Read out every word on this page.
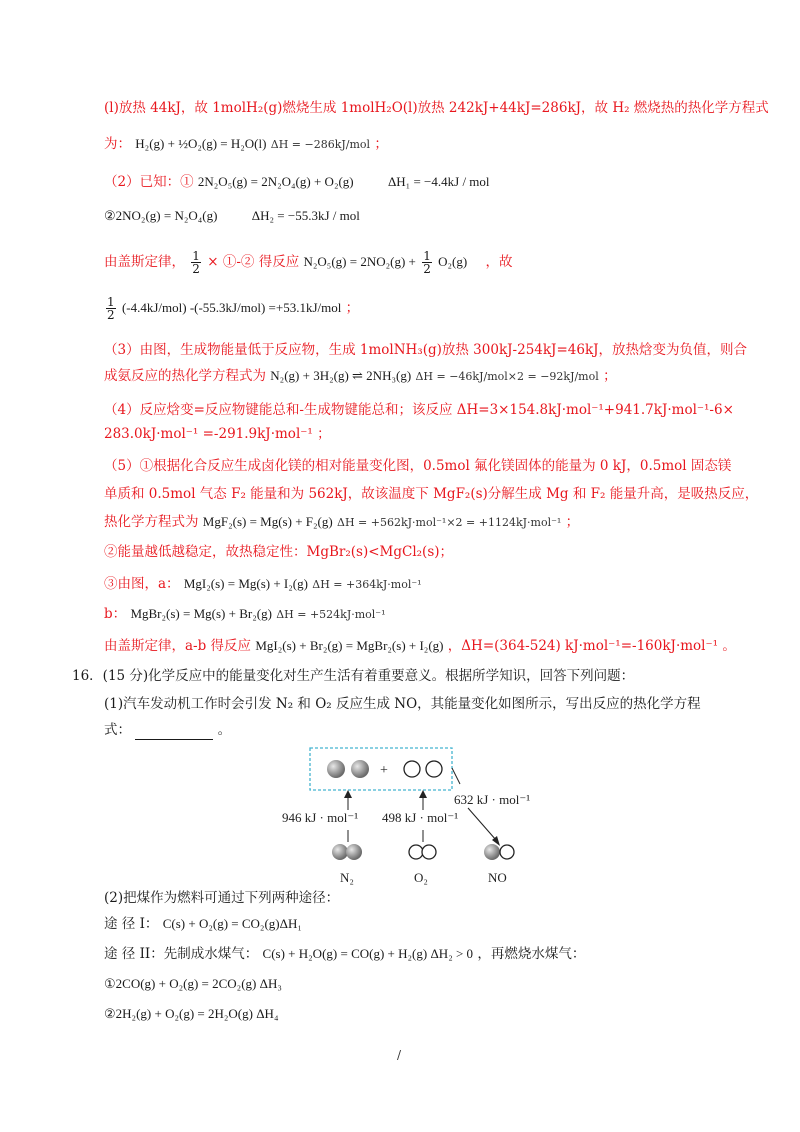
(l)放热 44kJ，故 1molH₂(g)燃烧生成 1molH₂O(l)放热 242kJ+44kJ=286kJ，故 H₂ 燃烧热的热化学方程式
为： H₂(g) + ½O₂(g) = H₂O(l) ΔH = −286kJ/mol ；
（2）已知：① 2N₂O₅(g) = 2N₂O₄(g) + O₂(g)	ΔH₁ = −4.4kJ / mol
②2NO₂(g) = N₂O₄(g)	ΔH₂ = −55.3kJ / mol
由盖斯定律， $\frac{1}{2}$ × ①-② 得反应 $N_2O_5(g) = 2NO_2(g) + \frac{1}{2} O_2(g)$ ，故
$\frac{1}{2} (-4.4kJ/mol)$ -(-55.3kJ/mol) =+53.1kJ/mol ；
（3）由图，生成物能量低于反应物，生成 1molNH₃(g)放热 300kJ-254kJ=46kJ，放热焓变为负值，则合
成氨反应的热化学方程式为 N₂(g) + 3H₂(g) ⇌ 2NH₃(g) ΔH = −46kJ/mol×2 = −92kJ/mol ；
（4）反应焓变=反应物键能总和-生成物键能总和；该反应 ΔH=3×154.8kJ·mol⁻¹+941.7kJ·mol⁻¹-6×
283.0kJ·mol⁻¹ =-291.9kJ·mol⁻¹ ；
（5）①根据化合反应生成卤化镁的相对能量变化图，0.5mol 氟化镁固体的能量为 0 kJ，0.5mol 固态镁
单质和 0.5mol 气态 F₂ 能量和为 562kJ，故该温度下 MgF₂(s)分解生成 Mg 和 F₂ 能量升高，是吸热反应，
热化学方程式为 MgF₂(s) = Mg(s) + F₂(g) ΔH = +562kJ·mol⁻¹×2 = +1124kJ·mol⁻¹ ；
②能量越低越稳定，故热稳定性：MgBr₂(s)<MgCl₂(s)；
③由图，a： MgI₂(s) = Mg(s) + I₂(g) ΔH = +364kJ·mol⁻¹
b： MgBr₂(s) = Mg(s) + Br₂(g) ΔH = +524kJ·mol⁻¹
由盖斯定律，a-b 得反应 MgI₂(s) + Br₂(g) = MgBr₂(s) + I₂(g) ，ΔH=(364-524) kJ·mol⁻¹=-160kJ·mol⁻¹ 。
16．(15 分)化学反应中的能量变化对生产生活有着重要意义。根据所学知识，回答下列问题：
(1)汽车发动机工作时会引发 N₂ 和 O₂ 反应生成 NO，其能量变化如图所示，写出反应的热化学方程
式：	。
+
946 kJ · mol⁻¹ 498 kJ · mol⁻¹
632 kJ · mol⁻¹
N₂	O₂	NO
(2)把煤作为燃料可通过下列两种途径：
途 径 I： C(s) + O₂(g) = CO₂(g)ΔH₁
途 径 II：先制成水煤气： C(s) + H₂O(g) = CO(g) + H₂(g) ΔH₂ > 0 ，再燃烧水煤气：
①2CO(g) + O₂(g) = 2CO₂(g) ΔH₃
②2H₂(g) + O₂(g) = 2H₂O(g) ΔH₄
/
